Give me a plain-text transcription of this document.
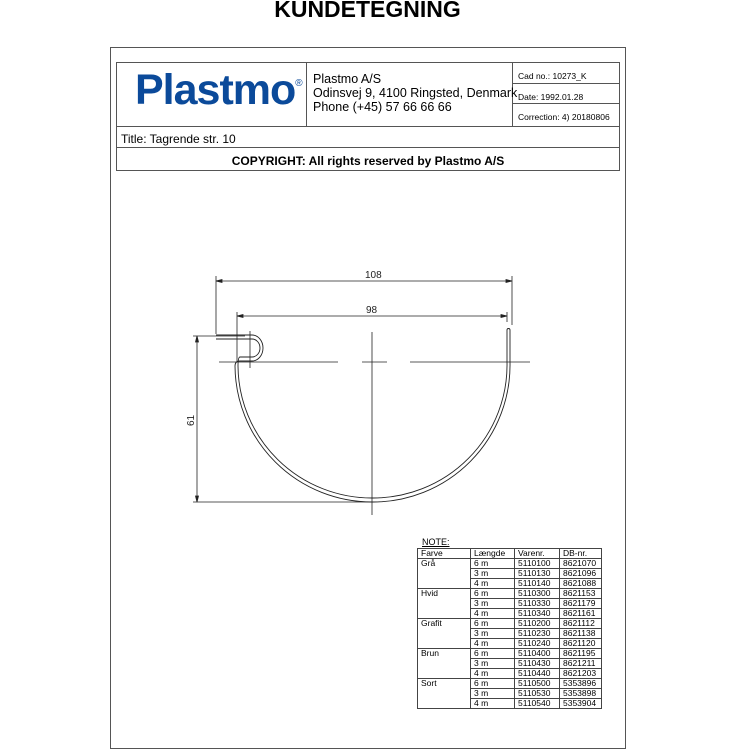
KUNDETEGNING
Plastmo® Plastmo A/S
Odinsvej 9, 4100 Ringsted, Denmark
Phone (+45) 57 66 66 66
Cad no.: 10273_K
Date: 1992.01.28
Correction: 4) 20180806
Title: Tagrende str. 10
COPYRIGHT: All rights reserved by Plastmo A/S
108
98
61
NOTE:
Farve	Længde	Varenr.	DB-nr.
Grå	6 m	5110100	8621070
	3 m	5110130	8621096
	4 m	5110140	8621088
Hvid	6 m	5110300	8621153
	3 m	5110330	8621179
	4 m	5110340	8621161
Grafit	6 m	5110200	8621112
	3 m	5110230	8621138
	4 m	5110240	8621120
Brun	6 m	5110400	8621195
	3 m	5110430	8621211
	4 m	5110440	8621203
Sort	6 m	5110500	5353896
	3 m	5110530	5353898
	4 m	5110540	5353904
